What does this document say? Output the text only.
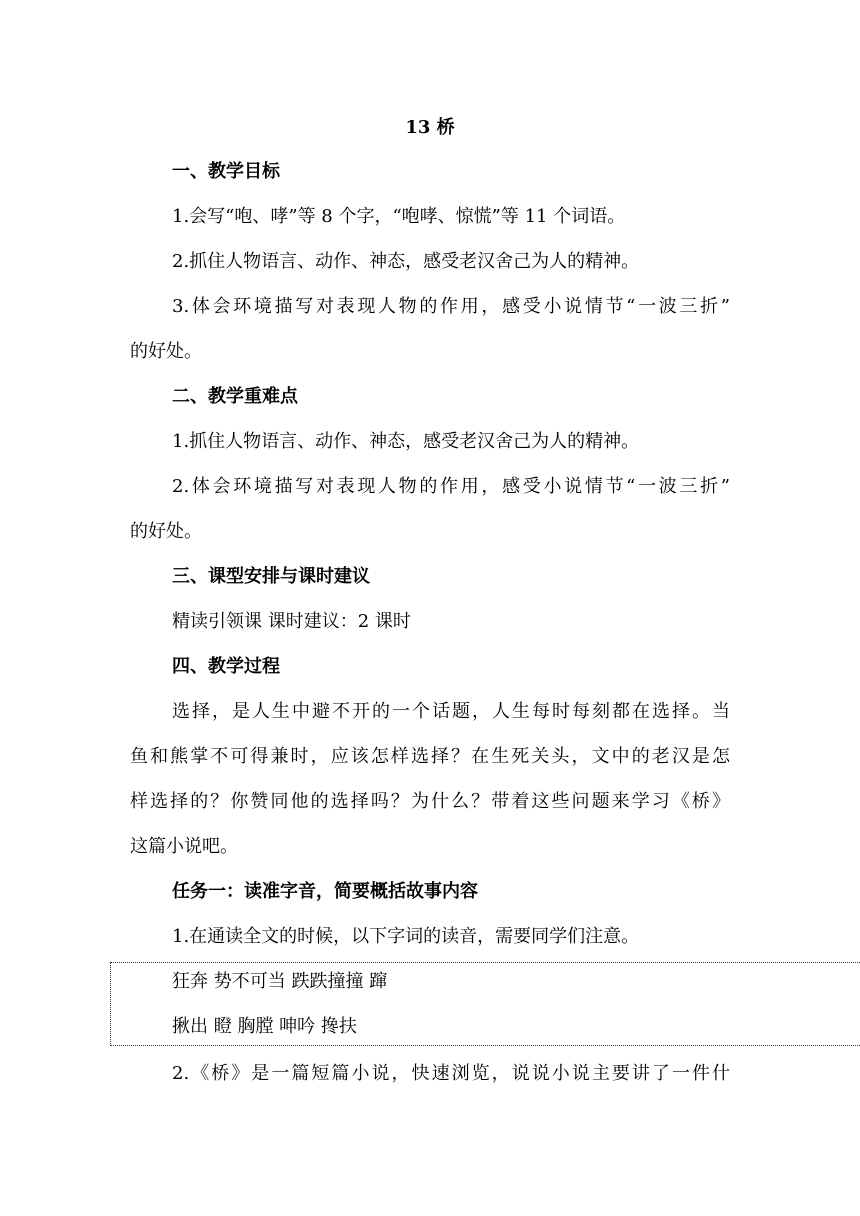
13 桥
一、教学目标
1.会写“咆、哮”等 8 个字，“咆哮、惊慌”等 11 个词语。
2.抓住人物语言、动作、神态，感受老汉舍己为人的精神。
3.体会环境描写对表现人物的作用，感受小说情节“一波三折”
的好处。
二、教学重难点
1.抓住人物语言、动作、神态，感受老汉舍己为人的精神。
2.体会环境描写对表现人物的作用，感受小说情节“一波三折”
的好处。
三、课型安排与课时建议
精读引领课 课时建议：2 课时
四、教学过程
选择，是人生中避不开的一个话题，人生每时每刻都在选择。当
鱼和熊掌不可得兼时，应该怎样选择？在生死关头，文中的老汉是怎
样选择的？你赞同他的选择吗？为什么？带着这些问题来学习《桥》
这篇小说吧。
任务一：读准字音，简要概括故事内容
1.在通读全文的时候，以下字词的读音，需要同学们注意。
狂奔 势不可当 跌跌撞撞 蹿
揪出 瞪 胸膛 呻吟 搀扶
2.《桥》是一篇短篇小说，快速浏览，说说小说主要讲了一件什
